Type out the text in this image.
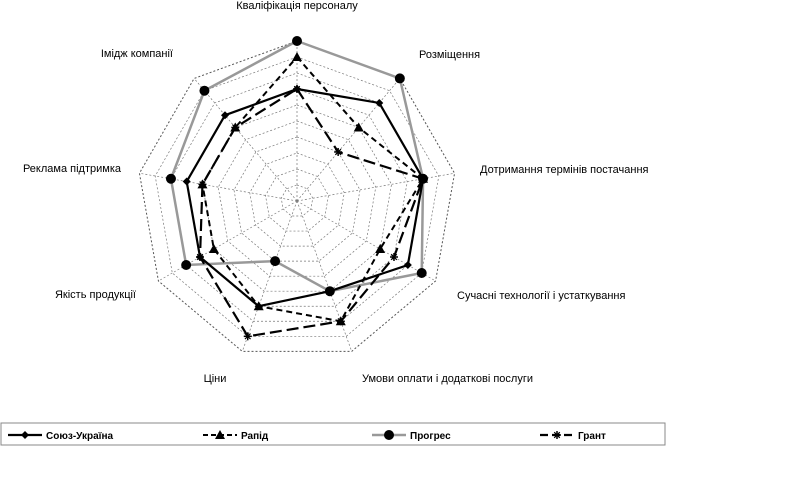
Кваліфікація персоналу
Розміщення
Дотримання термінів постачання
Сучасні технології і устаткування
Умови оплати і додаткові послуги
Ціни
Якість продукції
Реклама підтримка
Імідж компанії
Союз-Україна	Рапід	Прогрес	Грант
